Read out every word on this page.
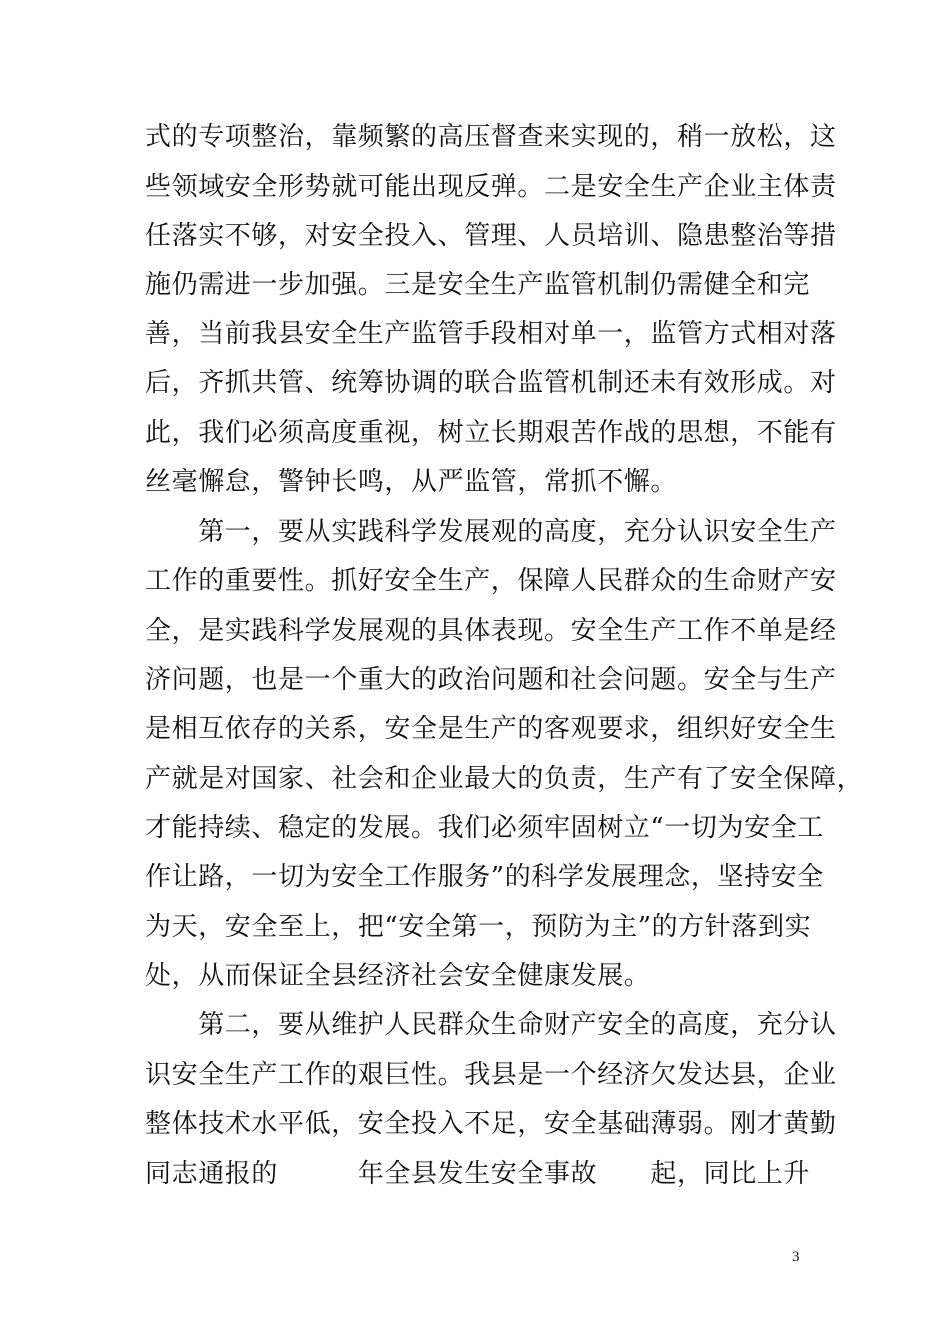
式的专项整治，靠频繁的高压督查来实现的，稍一放松，这
些领域安全形势就可能出现反弹。二是安全生产企业主体责
任落实不够，对安全投入、管理、人员培训、隐患整治等措
施仍需进一步加强。三是安全生产监管机制仍需健全和完
善，当前我县安全生产监管手段相对单一，监管方式相对落
后，齐抓共管、统筹协调的联合监管机制还未有效形成。对
此，我们必须高度重视，树立长期艰苦作战的思想，不能有
丝毫懈怠，警钟长鸣，从严监管，常抓不懈。
　　第一，要从实践科学发展观的高度，充分认识安全生产
工作的重要性。抓好安全生产，保障人民群众的生命财产安
全，是实践科学发展观的具体表现。安全生产工作不单是经
济问题，也是一个重大的政治问题和社会问题。安全与生产
是相互依存的关系，安全是生产的客观要求，组织好安全生
产就是对国家、社会和企业最大的负责，生产有了安全保障，
才能持续、稳定的发展。我们必须牢固树立“一切为安全工
作让路，一切为安全工作服务”的科学发展理念，坚持安全
为天，安全至上，把“安全第一，预防为主”的方针落到实
处，从而保证全县经济社会安全健康发展。
　　第二，要从维护人民群众生命财产安全的高度，充分认
识安全生产工作的艰巨性。我县是一个经济欠发达县，企业
整体技术水平低，安全投入不足，安全基础薄弱。刚才黄勤
同志通报的　　　年全县发生安全事故　　起，同比上升
3
